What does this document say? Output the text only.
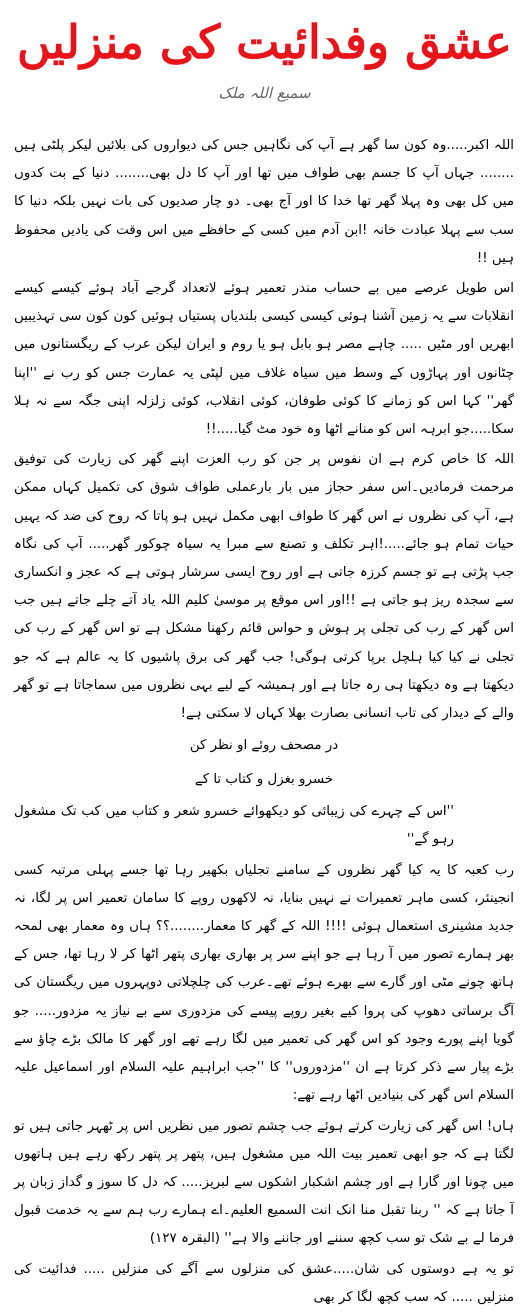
عشق وفدائیت کی منزلیں
سمیع اللہ ملک

اللہ اکبر.....وہ کون سا گھر ہے آپ کی نگاہیں جس کی دیواروں کی بلائیں لیکر پلٹی ہیں ........ جہاں آپ کا جسم بھی طواف میں تھا اور آپ کا دل بھی........ دنیا کے بت کدوں میں کل بھی وہ پہلا گھر تھا خدا کا اور آج بھی۔ دو چار صدیوں کی بات نہیں بلکہ دنیا کا سب سے پہلا عبادت خانہ !ابن آدم میں کسی کے حافظے میں اس وقت کی یادیں محفوظ ہیں !!

اس طویل عرصے میں بے حساب مندر تعمیر ہوئے لاتعداد گرجے آباد ہوئے کیسے کیسے انقلابات سے یہ زمین آشنا ہوئی کیسی کیسی بلندیاں پستیاں ہوئیں کون کون سی تہذیبیں ابھریں اور مٹیں ..... چاہے مصر ہو بابل ہو یا روم و ایران لیکن عرب کے ریگستانوں میں چٹانوں اور پہاڑوں کے وسط میں سیاہ غلاف میں لپٹی یہ عمارت جس کو رب نے ''اپنا گھر'' کہا اس کو زمانے کا کوئی طوفان، کوئی انقلاب، کوئی زلزلہ اپنی جگہ سے نہ ہلا سکا.....جو ابرہہ اس کو منانے اٹھا وہ خود مٹ گیا.....!!

اللہ کا خاص کرم ہے ان نفوس پر جن کو رب العزت اپنے گھر کی زیارت کی توفیق مرحمت فرمادیں۔اس سفر حجاز میں بار بارعملی طواف شوق کی تکمیل کہاں ممکن ہے، آپ کی نظروں نے اس گھر کا طواف ابھی مکمل نہیں ہو پاتا کہ روح کی ضد کہ یہیں حیات تمام ہو جائے.....!اہر تکلف و تصنع سے مبرا یہ سیاہ چوکور گھر..... آپ کی نگاہ جب پڑتی ہے تو جسم کرزہ جاتی ہے اور روح ایسی سرشار ہوتی ہے کہ عجز و انکساری سے سجدہ ریز ہو جاتی ہے !!اور اس موقع پر موسیٰ کلیم اللہ یاد آتے چلے جاتے ہیں جب اس گھر کے رب کی تجلی پر ہوش و حواس قائم رکھنا مشکل ہے تو اس گھر کے رب کی تجلی نے کیا کیا ہلچل برپا کرتی ہوگی! جب گھر کی برق پاشیوں کا یہ عالم ہے کہ جو دیکھتا ہے وہ دیکھتا ہی رہ جاتا ہے اور ہمیشہ کے لیے بہی نظروں میں سماجاتا ہے تو گھر والے کے دیدار کی تاب انسانی بصارت بھلا کہاں لا سکتی ہے!

در مصحف روئے او نظر کن

خسرو بغزل و کتاب تا کے

''اس کے چہرے کی زیبائی کو دیکھوائے خسرو شعر و کتاب میں کب تک مشغول رہو گے''

رب کعبہ کا یہ کیا گھر نظروں کے سامنے تجلیاں بکھیر رہا تھا جسے پہلی مرتبہ کسی انجینئر، کسی ماہر تعمیرات نے نہیں بنایا، نہ لاکھوں روپے کا سامان تعمیر اس پر لگا، نہ جدید مشینری استعمال ہوئی !!!! اللہ کے گھر کا معمار........؟؟ ہاں وہ معمار بھی لمحہ بھر ہمارے تصور میں آ رہا ہے جو اپنے سر پر بھاری بھاری پتھر اٹھا کر لا رہا تھا، جس کے ہاتھ چونے مٹی اور گارے سے بھرے ہوئے تھے۔عرب کی چلچلاتی دوپہروں میں ریگستان کی آگ برساتی دھوپ کی پروا کیے بغیر روپے پیسے کی مزدوری سے بے نیاز یہ مزدور..... جو گویا اپنے پورے وجود کو اس گھر کی تعمیر میں لگا رہے تھے اور گھر کا مالک بڑے چاؤ سے بڑے پیار سے ذکر کرتا ہے ان ''مزدوروں'' کا ''جب ابراہیم علیہ السلام اور اسماعیل علیہ السلام اس گھر کی بنیادیں اٹھا رہے تھے:

ہاں! اس گھر کی زیارت کرتے ہوئے جب چشم تصور میں نظریں اس پر ٹھہر جاتی ہیں تو لگتا ہے کہ جو ابھی تعمیر بیت اللہ میں مشغول ہیں، پتھر پر پتھر رکھ رہے ہیں ہاتھوں میں چونا اور گارا ہے اور چشم اشکبار اشکوں سے لبریز..... کہ دل کا سوز و گداز زبان پر آ جاتا ہے کہ '' ربنا تقبل منا انک انت السمیع العلیم۔اے ہمارے رب ہم سے یہ خدمت قبول فرما لے بے شک تو سب کچھ سننے اور جاننے والا ہے'' (البقرہ ۱۲۷)

تو یہ ہے دوستوں کی شان.....عشق کی منزلوں سے آگے کی منزلیں ..... فدائیت کی منزلیں ..... کہ سب کچھ لگا کر بھی
